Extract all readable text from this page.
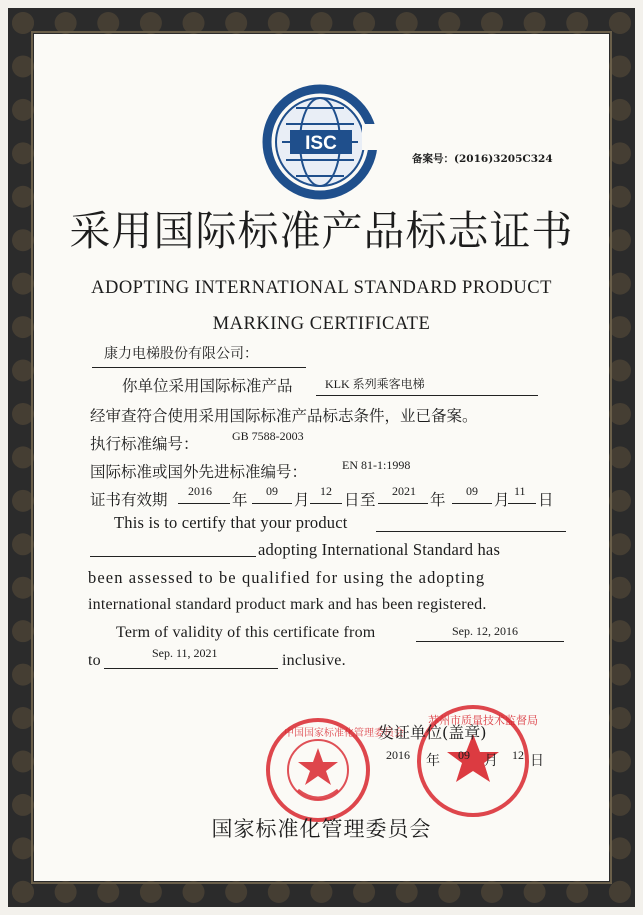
ISC
备案号：(2016)3205C324
采用国际标准产品标志证书
ADOPTING INTERNATIONAL STANDARD PRODUCT
MARKING CERTIFICATE
康力电梯股份有限公司：
你单位采用国际标准产品	KLK 系列乘客电梯
经审查符合使用采用国际标准产品标志条件，业已备案。
执行标准编号：	GB 7588-2003
国际标准或国外先进标准编号：	EN 81-1:1998
证书有效期 2016 年 09 月 12 日 至 2021 年 09 月 11 日
This is to certify that your product
adopting International Standard has
been assessed to be qualified for using the adopting
international standard product mark and has been registered.
Term of validity of this certificate from	Sep. 12, 2016
to	Sep. 11, 2021	inclusive.
中国国家标准化管理委员会
苏州市质量技术监督局
发证单位(盖章)
2016 年 09 月 12 日
国家标准化管理委员会
